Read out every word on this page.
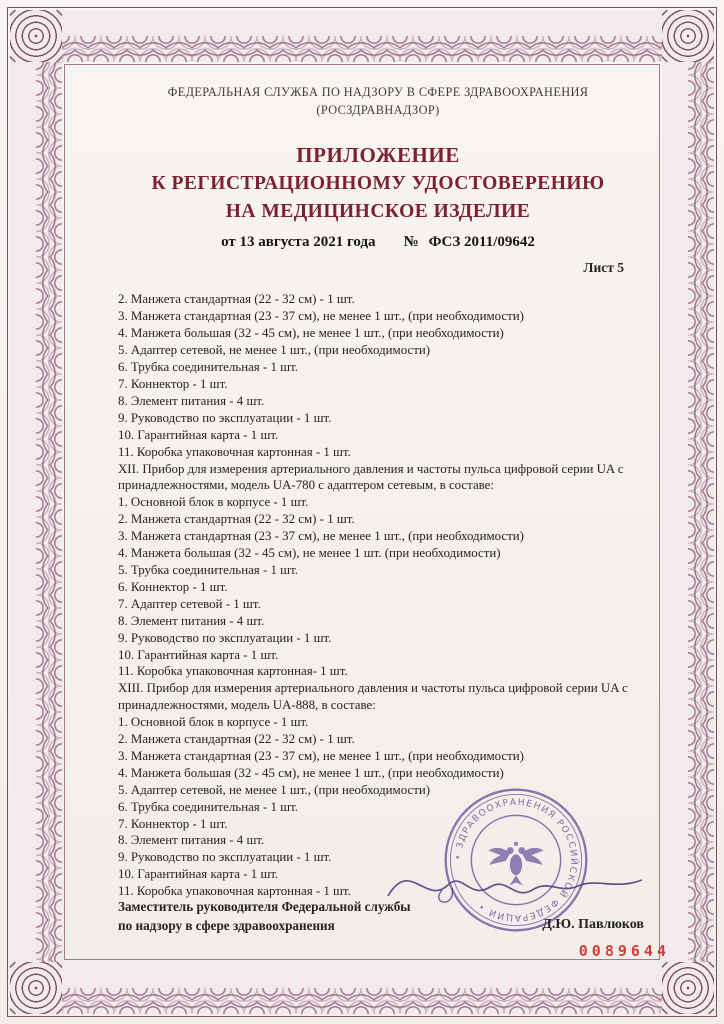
ФЕДЕРАЛЬНАЯ СЛУЖБА ПО НАДЗОРУ В СФЕРЕ ЗДРАВООХРАНЕНИЯ
(РОСЗДРАВНАДЗОР)
ПРИЛОЖЕНИЕ
К РЕГИСТРАЦИОННОМУ УДОСТОВЕРЕНИЮ
НА МЕДИЦИНСКОЕ ИЗДЕЛИЕ
от 13 августа 2021 года № ФСЗ 2011/09642
Лист 5
2. Манжета стандартная (22 - 32 см) - 1 шт.
3. Манжета стандартная (23 - 37 см), не менее 1 шт., (при необходимости)
4. Манжета большая (32 - 45 см), не менее 1 шт., (при необходимости)
5. Адаптер сетевой, не менее 1 шт., (при необходимости)
6. Трубка соединительная - 1 шт.
7. Коннектор - 1 шт.
8. Элемент питания - 4 шт.
9. Руководство по эксплуатации - 1 шт.
10. Гарантийная карта - 1 шт.
11. Коробка упаковочная картонная - 1 шт.
XII. Прибор для измерения артериального давления и частоты пульса цифровой серии UA с принадлежностями, модель UA-780 с адаптером сетевым, в составе:
1. Основной блок в корпусе - 1 шт.
2. Манжета стандартная (22 - 32 см) - 1 шт.
3. Манжета стандартная (23 - 37 см), не менее 1 шт., (при необходимости)
4. Манжета большая (32 - 45 см), не менее 1 шт. (при необходимости)
5. Трубка соединительная - 1 шт.
6. Коннектор - 1 шт.
7. Адаптер сетевой - 1 шт.
8. Элемент питания - 4 шт.
9. Руководство по эксплуатации - 1 шт.
10. Гарантийная карта - 1 шт.
11. Коробка упаковочная картонная- 1 шт.
XIII. Прибор для измерения артериального давления и частоты пульса цифровой серии UA с принадлежностями, модель UA-888, в составе:
1. Основной блок в корпусе - 1 шт.
2. Манжета стандартная (22 - 32 см) - 1 шт.
3. Манжета стандартная (23 - 37 см), не менее 1 шт., (при необходимости)
4. Манжета большая (32 - 45 см), не менее 1 шт., (при необходимости)
5. Адаптер сетевой, не менее 1 шт., (при необходимости)
6. Трубка соединительная - 1 шт.
7. Коннектор - 1 шт.
8. Элемент питания - 4 шт.
9. Руководство по эксплуатации - 1 шт.
10. Гарантийная карта - 1 шт.
11. Коробка упаковочная картонная - 1 шт.
• ЗДРАВООХРАНЕНИЯ РОССИЙСКОЙ ФЕДЕРАЦИИ •
Заместитель руководителя Федеральной службы
по надзору в сфере здравоохранения	Д.Ю. Павлюков
0089644
